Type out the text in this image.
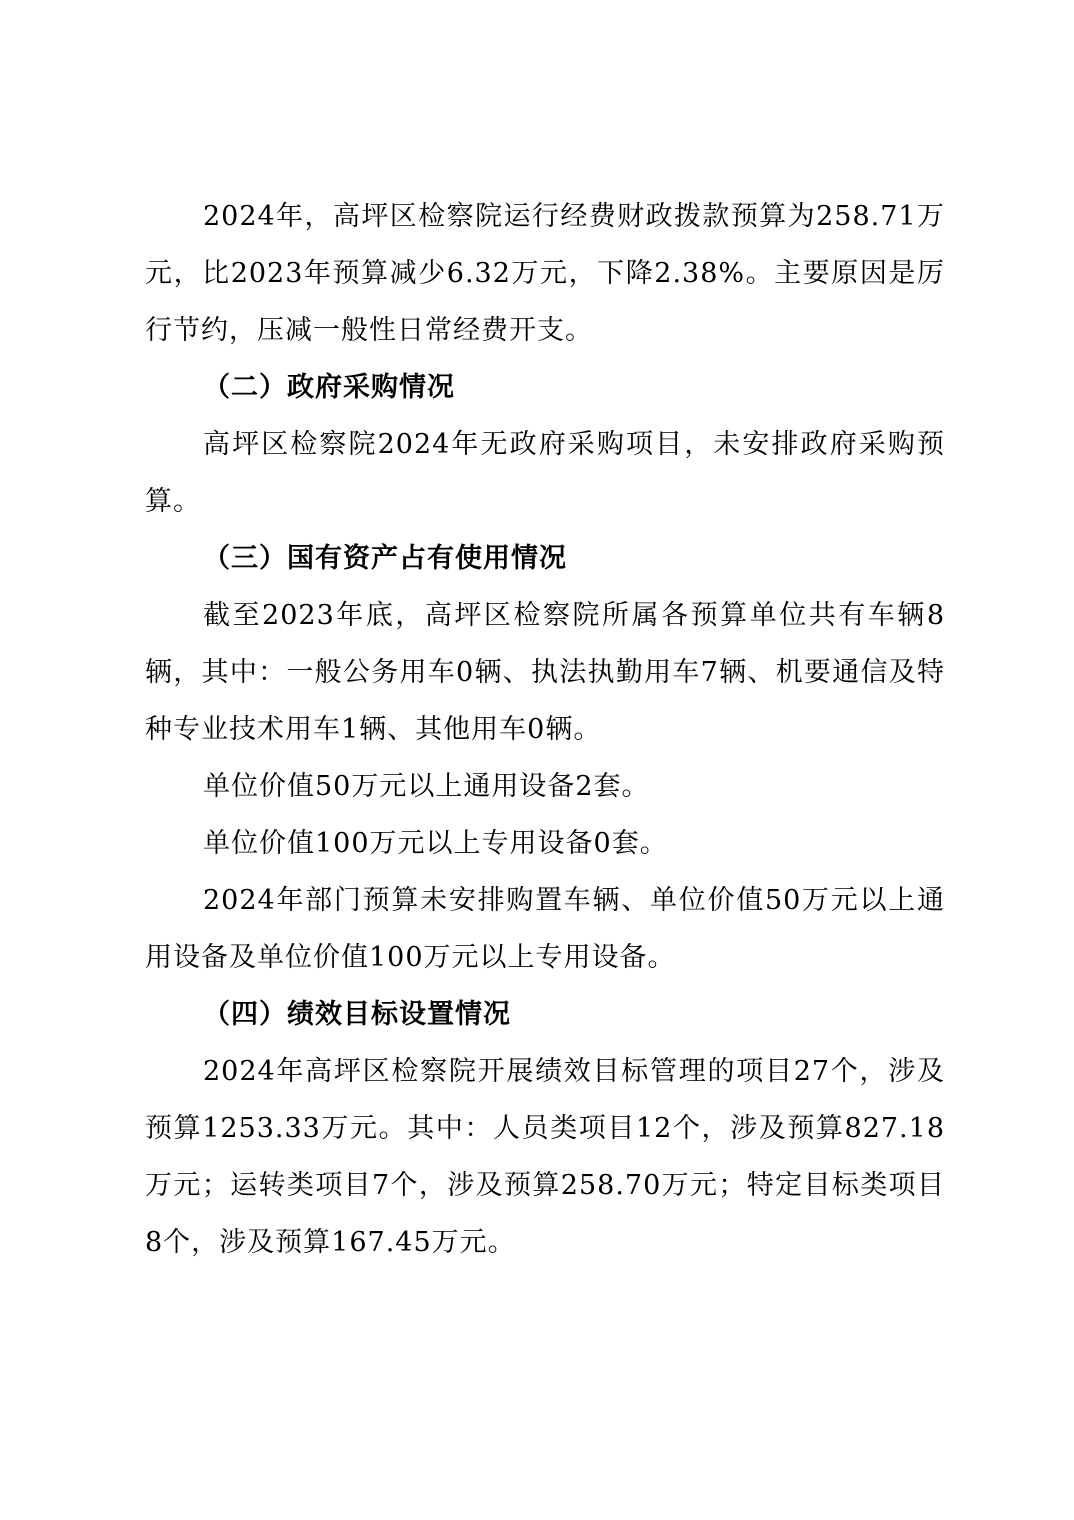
2024年，高坪区检察院运行经费财政拨款预算为258.71万元，比2023年预算减少6.32万元，下降2.38%。主要原因是厉行节约，压减一般性日常经费开支。

（二）政府采购情况

高坪区检察院2024年无政府采购项目，未安排政府采购预算。

（三）国有资产占有使用情况

截至2023年底，高坪区检察院所属各预算单位共有车辆8辆，其中：一般公务用车0辆、执法执勤用车7辆、机要通信及特种专业技术用车1辆、其他用车0辆。

单位价值50万元以上通用设备2套。

单位价值100万元以上专用设备0套。

2024年部门预算未安排购置车辆、单位价值50万元以上通用设备及单位价值100万元以上专用设备。

（四）绩效目标设置情况

2024年高坪区检察院开展绩效目标管理的项目27个，涉及预算1253.33万元。其中：人员类项目12个，涉及预算827.18万元；运转类项目7个，涉及预算258.70万元；特定目标类项目8个，涉及预算167.45万元。
